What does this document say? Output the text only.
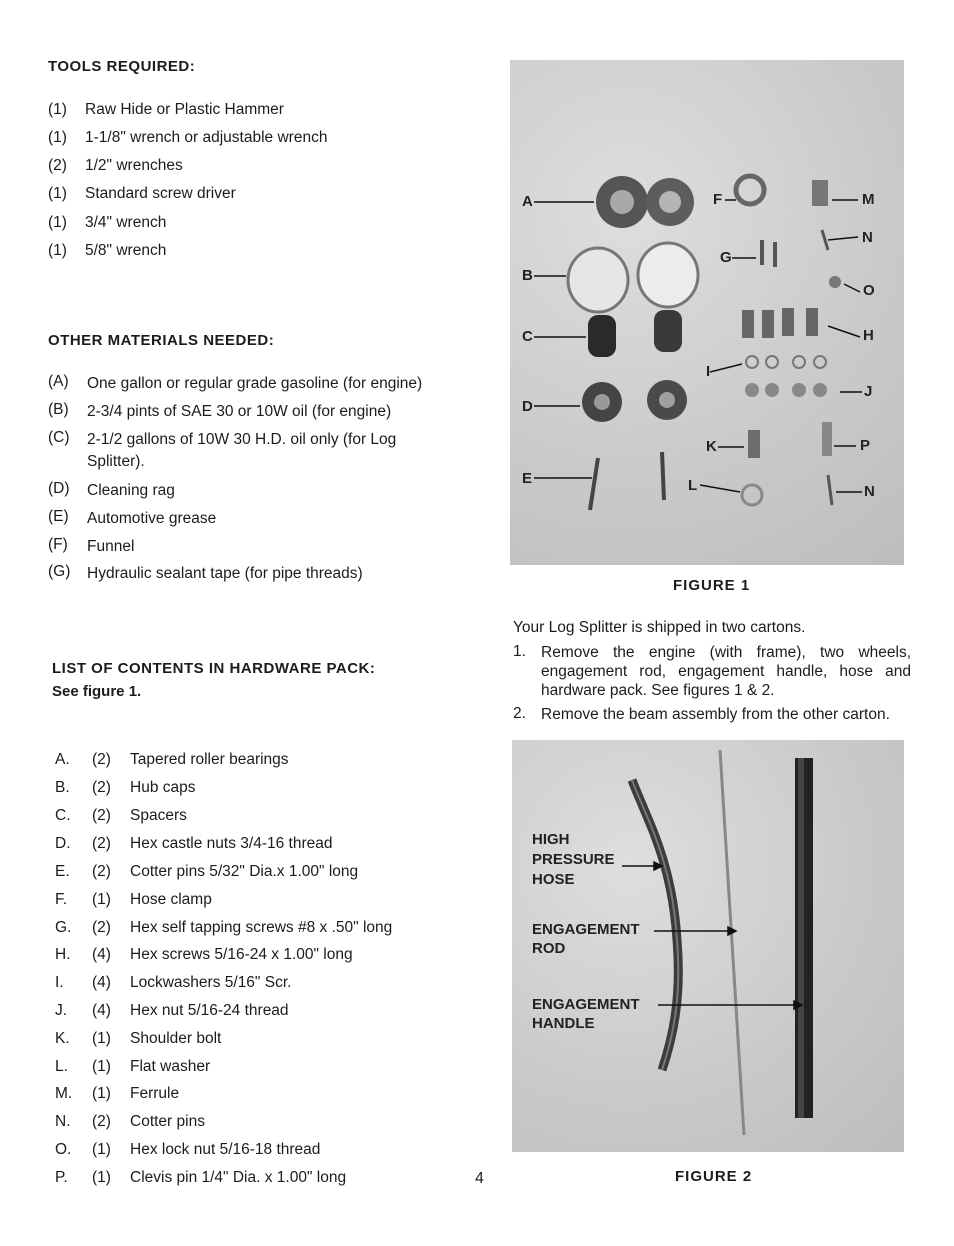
TOOLS REQUIRED:
(1)	Raw Hide or Plastic Hammer
(1)	1-1/8" wrench or adjustable wrench
(2)	1/2" wrenches
(1)	Standard screw driver
(1)	3/4" wrench
(1)	5/8" wrench
OTHER MATERIALS NEEDED:
(A)	One gallon or regular grade gasoline (for engine)
(B)	2-3/4 pints of SAE 30 or 10W oil (for engine)
(C)	2-1/2 gallons of 10W 30 H.D. oil only (for Log Splitter).
(D)	Cleaning rag
(E)	Automotive grease
(F)	Funnel
(G)	Hydraulic sealant tape (for pipe threads)
LIST OF CONTENTS IN HARDWARE PACK:
See figure 1.
A.	(2)	Tapered roller bearings
B.	(2)	Hub caps
C.	(2)	Spacers
D.	(2)	Hex castle nuts 3/4-16 thread
E.	(2)	Cotter pins 5/32" Dia.x 1.00" long
F.	(1)	Hose clamp
G.	(2)	Hex self tapping screws #8 x .50" long
H.	(4)	Hex screws 5/16-24 x 1.00" long
I.	(4)	Lockwashers 5/16" Scr.
J.	(4)	Hex nut 5/16-24 thread
K.	(1)	Shoulder bolt
L.	(1)	Flat washer
M.	(1)	Ferrule
N.	(2)	Cotter pins
O.	(1)	Hex lock nut 5/16-18 thread
P.	(1)	Clevis pin 1/4" Dia. x 1.00" long	4
A
B
C
D
E
F
G
H
I
J
K
L
M
N
O
P
N
FIGURE 1
Your Log Splitter is shipped in two cartons.
1. Remove the engine (with frame), two wheels, engagement rod, engagement handle, hose and hardware pack. See figures 1 & 2.
2. Remove the beam assembly from the other carton.
HIGH
PRESSURE
HOSE
ENGAGEMENT
ROD
ENGAGEMENT
HANDLE
FIGURE 2
